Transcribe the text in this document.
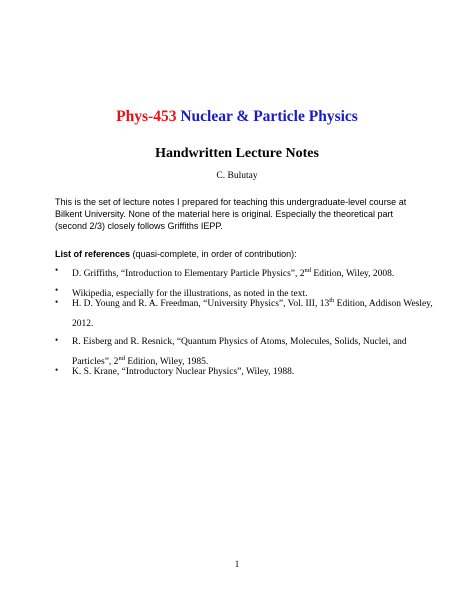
Phys-453 Nuclear & Particle Physics
Handwritten Lecture Notes
C. Bulutay
This is the set of lecture notes I prepared for teaching this undergraduate-level course at Bilkent University. None of the material here is original. Especially the theoretical part (second 2/3) closely follows Griffiths IEPP.
List of references (quasi-complete, in order of contribution):
• D. Griffiths, “Introduction to Elementary Particle Physics”, 2nd Edition, Wiley, 2008.
• Wikipedia, especially for the illustrations, as noted in the text.
• H. D. Young and R. A. Freedman, “University Physics”, Vol. III, 13th Edition, Addison Wesley,
2012.
• R. Eisberg and R. Resnick, “Quantum Physics of Atoms, Molecules, Solids, Nuclei, and
Particles”, 2nd Edition, Wiley, 1985.
• K. S. Krane, “Introductory Nuclear Physics”, Wiley, 1988.
1
